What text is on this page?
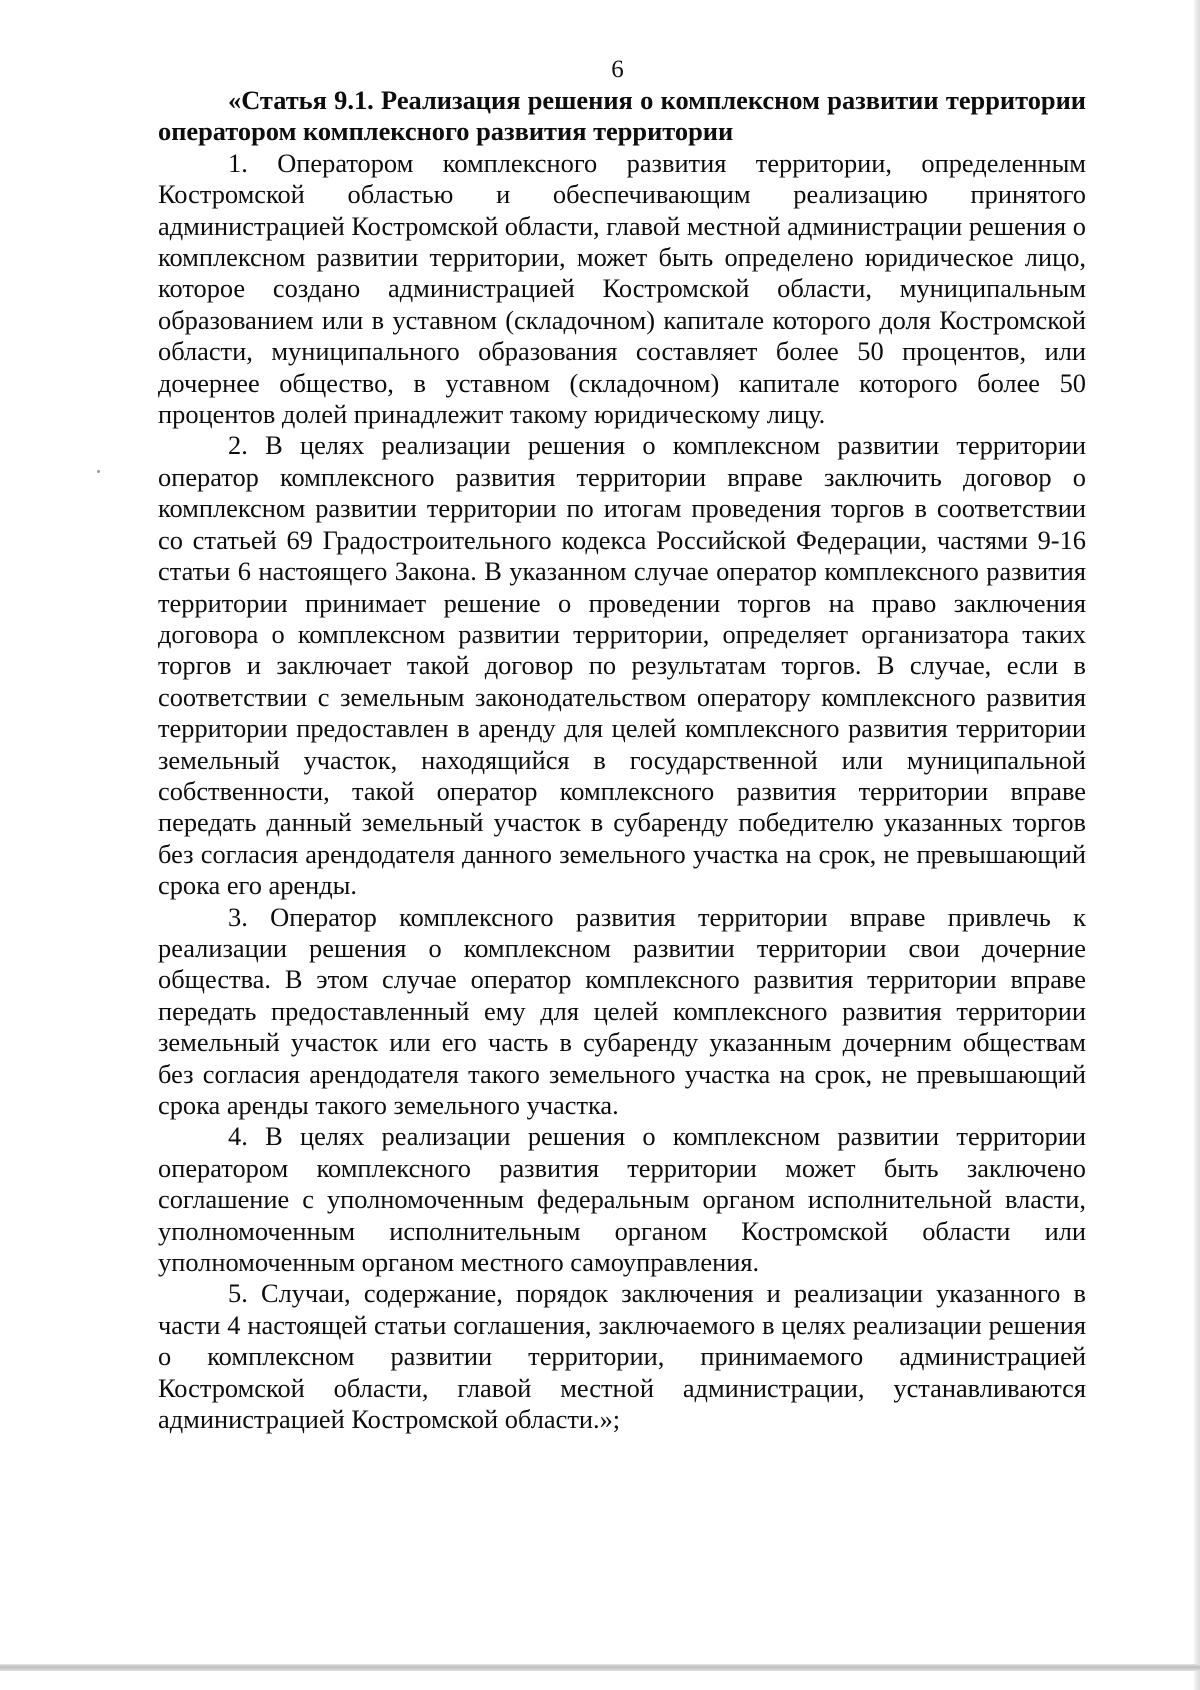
6

«Статья 9.1. Реализация решения о комплексном развитии территории оператором комплексного развития территории

1. Оператором комплексного развития территории, определенным Костромской областью и обеспечивающим реализацию принятого администрацией Костромской области, главой местной администрации решения о комплексном развитии территории, может быть определено юридическое лицо, которое создано администрацией Костромской области, муниципальным образованием или в уставном (складочном) капитале которого доля Костромской области, муниципального образования составляет более 50 процентов, или дочернее общество, в уставном (складочном) капитале которого более 50 процентов долей принадлежит такому юридическому лицу.

2. В целях реализации решения о комплексном развитии территории оператор комплексного развития территории вправе заключить договор о комплексном развитии территории по итогам проведения торгов в соответствии со статьей 69 Градостроительного кодекса Российской Федерации, частями 9-16 статьи 6 настоящего Закона. В указанном случае оператор комплексного развития территории принимает решение о проведении торгов на право заключения договора о комплексном развитии территории, определяет организатора таких торгов и заключает такой договор по результатам торгов. В случае, если в соответствии с земельным законодательством оператору комплексного развития территории предоставлен в аренду для целей комплексного развития территории земельный участок, находящийся в государственной или муниципальной собственности, такой оператор комплексного развития территории вправе передать данный земельный участок в субаренду победителю указанных торгов без согласия арендодателя данного земельного участка на срок, не превышающий срока его аренды.

3. Оператор комплексного развития территории вправе привлечь к реализации решения о комплексном развитии территории свои дочерние общества. В этом случае оператор комплексного развития территории вправе передать предоставленный ему для целей комплексного развития территории земельный участок или его часть в субаренду указанным дочерним обществам без согласия арендодателя такого земельного участка на срок, не превышающий срока аренды такого земельного участка.

4. В целях реализации решения о комплексном развитии территории оператором комплексного развития территории может быть заключено соглашение с уполномоченным федеральным органом исполнительной власти, уполномоченным исполнительным органом Костромской области или уполномоченным органом местного самоуправления.

5. Случаи, содержание, порядок заключения и реализации указанного в части 4 настоящей статьи соглашения, заключаемого в целях реализации решения о комплексном развитии территории, принимаемого администрацией Костромской области, главой местной администрации, устанавливаются администрацией Костромской области.»;
